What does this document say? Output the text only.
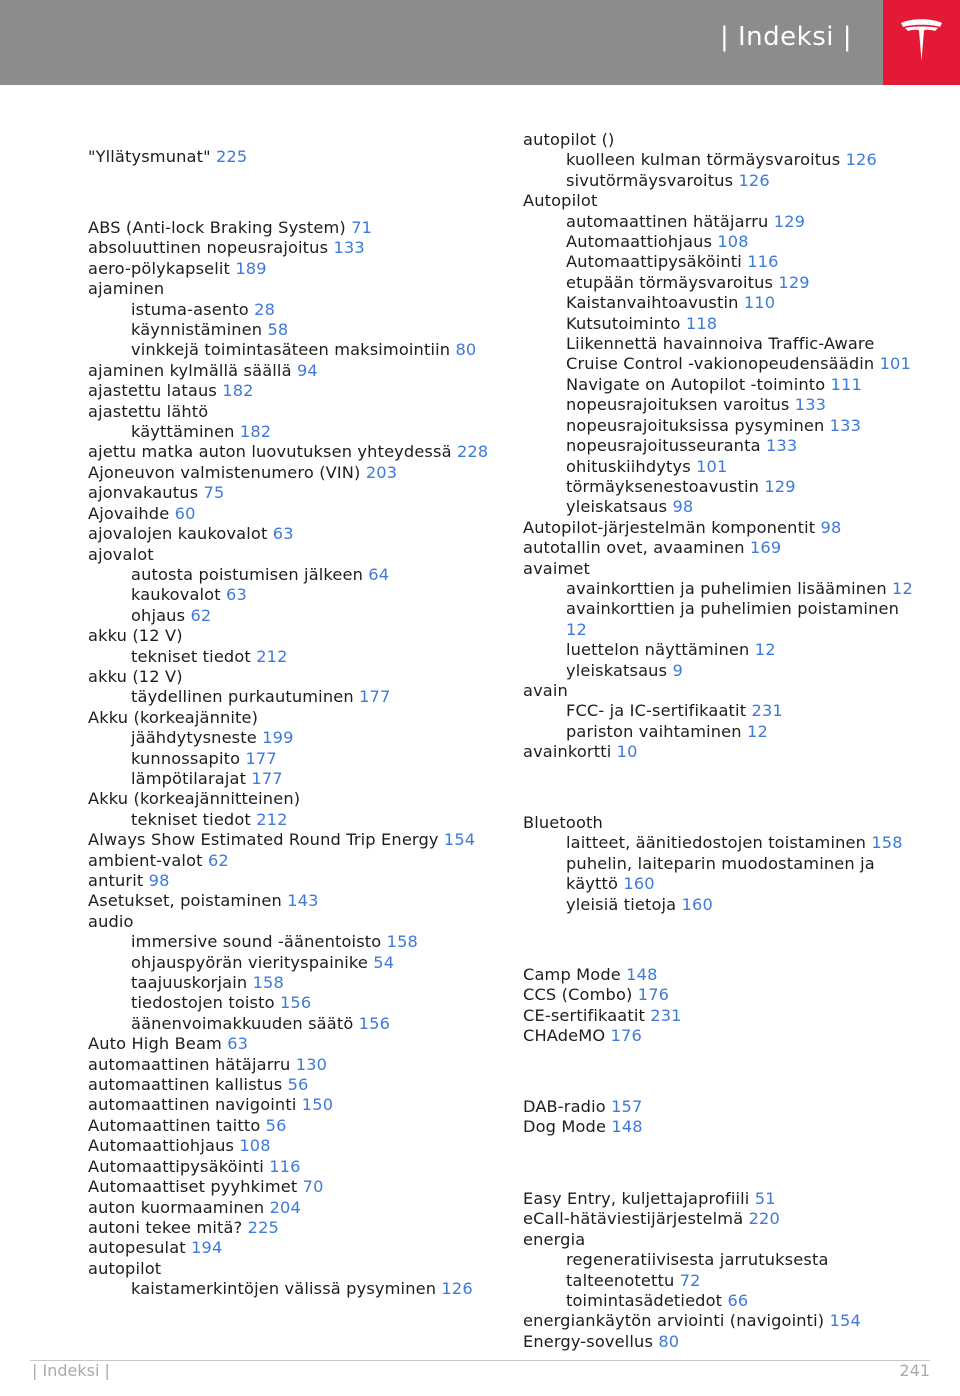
| Indeksi |
"Yllätysmunat" 225
ABS (Anti-lock Braking System) 71
absoluuttinen nopeusrajoitus 133
aero-pölykapselit 189
ajaminen
istuma-asento 28
käynnistäminen 58
vinkkejä toimintasäteen maksimointiin 80
ajaminen kylmällä säällä 94
ajastettu lataus 182
ajastettu lähtö
käyttäminen 182
ajettu matka auton luovutuksen yhteydessä 228
Ajoneuvon valmistenumero (VIN) 203
ajonvakautus 75
Ajovaihde 60
ajovalojen kaukovalot 63
ajovalot
autosta poistumisen jälkeen 64
kaukovalot 63
ohjaus 62
akku (12 V)
tekniset tiedot 212
akku (12 V)
täydellinen purkautuminen 177
Akku (korkeajännite)
jäähdytysneste 199
kunnossapito 177
lämpötilarajat 177
Akku (korkeajännitteinen)
tekniset tiedot 212
Always Show Estimated Round Trip Energy 154
ambient-valot 62
anturit 98
Asetukset, poistaminen 143
audio
immersive sound -äänentoisto 158
ohjauspyörän vierityspainike 54
taajuuskorjain 158
tiedostojen toisto 156
äänenvoimakkuuden säätö 156
Auto High Beam 63
automaattinen hätäjarru 130
automaattinen kallistus 56
automaattinen navigointi 150
Automaattinen taitto 56
Automaattiohjaus 108
Automaattipysäköinti 116
Automaattiset pyyhkimet 70
auton kuormaaminen 204
autoni tekee mitä? 225
autopesulat 194
autopilot
kaistamerkintöjen välissä pysyminen 126
autopilot ()
kuolleen kulman törmäysvaroitus 126
sivutörmäysvaroitus 126
Autopilot
automaattinen hätäjarru 129
Automaattiohjaus 108
Automaattipysäköinti 116
etupään törmäysvaroitus 129
Kaistanvaihtoavustin 110
Kutsutoiminto 118
Liikennettä havainnoiva Traffic-Aware Cruise Control -vakionopeudensäädin 101
Navigate on Autopilot -toiminto 111
nopeusrajoituksen varoitus 133
nopeusrajoituksissa pysyminen 133
nopeusrajoitusseuranta 133
ohituskiihdytys 101
törmäyksenestoavustin 129
yleiskatsaus 98
Autopilot-järjestelmän komponentit 98
autotallin ovet, avaaminen 169
avaimet
avainkorttien ja puhelimien lisääminen 12
avainkorttien ja puhelimien poistaminen 12
luettelon näyttäminen 12
yleiskatsaus 9
avain
FCC- ja IC-sertifikaatit 231
pariston vaihtaminen 12
avainkortti 10
Bluetooth
laitteet, äänitiedostojen toistaminen 158
puhelin, laiteparin muodostaminen ja käyttö 160
yleisiä tietoja 160
Camp Mode 148
CCS (Combo) 176
CE-sertifikaatit 231
CHAdeMO 176
DAB-radio 157
Dog Mode 148
Easy Entry, kuljettajaprofiili 51
eCall-hätäviestijärjestelmä 220
energia
regeneratiivisesta jarrutuksesta talteenotettu 72
toimintasädetiedot 66
energiankäytön arviointi (navigointi) 154
Energy-sovellus 80
| Indeksi |	241
